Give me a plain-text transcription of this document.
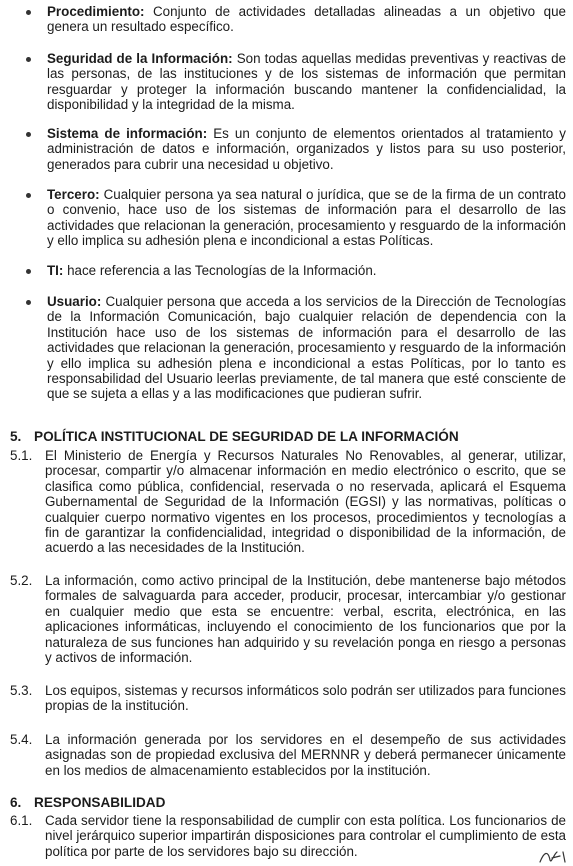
Procedimiento: Conjunto de actividades detalladas alineadas a un objetivo que genera un resultado específico.
Seguridad de la Información: Son todas aquellas medidas preventivas y reactivas de las personas, de las instituciones y de los sistemas de información que permitan resguardar y proteger la información buscando mantener la confidencialidad, la disponibilidad y la integridad de la misma.
Sistema de información: Es un conjunto de elementos orientados al tratamiento y administración de datos e información, organizados y listos para su uso posterior, generados para cubrir una necesidad u objetivo.
Tercero: Cualquier persona ya sea natural o jurídica, que se de la firma de un contrato o convenio, hace uso de los sistemas de información para el desarrollo de las actividades que relacionan la generación, procesamiento y resguardo de la información y ello implica su adhesión plena e incondicional a estas Políticas.
TI: hace referencia a las Tecnologías de la Información.
Usuario: Cualquier persona que acceda a los servicios de la Dirección de Tecnologías de la Información Comunicación, bajo cualquier relación de dependencia con la Institución hace uso de los sistemas de información para el desarrollo de las actividades que relacionan la generación, procesamiento y resguardo de la información y ello implica su adhesión plena e incondicional a estas Políticas, por lo tanto es responsabilidad del Usuario leerlas previamente, de tal manera que esté consciente de que se sujeta a ellas y a las modificaciones que pudieran sufrir.
5. POLÍTICA INSTITUCIONAL DE SEGURIDAD DE LA INFORMACIÓN
5.1. El Ministerio de Energía y Recursos Naturales No Renovables, al generar, utilizar, procesar, compartir y/o almacenar información en medio electrónico o escrito, que se clasifica como pública, confidencial, reservada o no reservada, aplicará el Esquema Gubernamental de Seguridad de la Información (EGSI) y las normativas, políticas o cualquier cuerpo normativo vigentes en los procesos, procedimientos y tecnologías a fin de garantizar la confidencialidad, integridad o disponibilidad de la información, de acuerdo a las necesidades de la Institución.
5.2. La información, como activo principal de la Institución, debe mantenerse bajo métodos formales de salvaguarda para acceder, producir, procesar, intercambiar y/o gestionar en cualquier medio que esta se encuentre: verbal, escrita, electrónica, en las aplicaciones informáticas, incluyendo el conocimiento de los funcionarios que por la naturaleza de sus funciones han adquirido y su revelación ponga en riesgo a personas y activos de información.
5.3. Los equipos, sistemas y recursos informáticos solo podrán ser utilizados para funciones propias de la institución.
5.4. La información generada por los servidores en el desempeño de sus actividades asignadas son de propiedad exclusiva del MERNNR y deberá permanecer únicamente en los medios de almacenamiento establecidos por la institución.
6. RESPONSABILIDAD
6.1. Cada servidor tiene la responsabilidad de cumplir con esta política. Los funcionarios de nivel jerárquico superior impartirán disposiciones para controlar el cumplimiento de esta política por parte de los servidores bajo su dirección.
